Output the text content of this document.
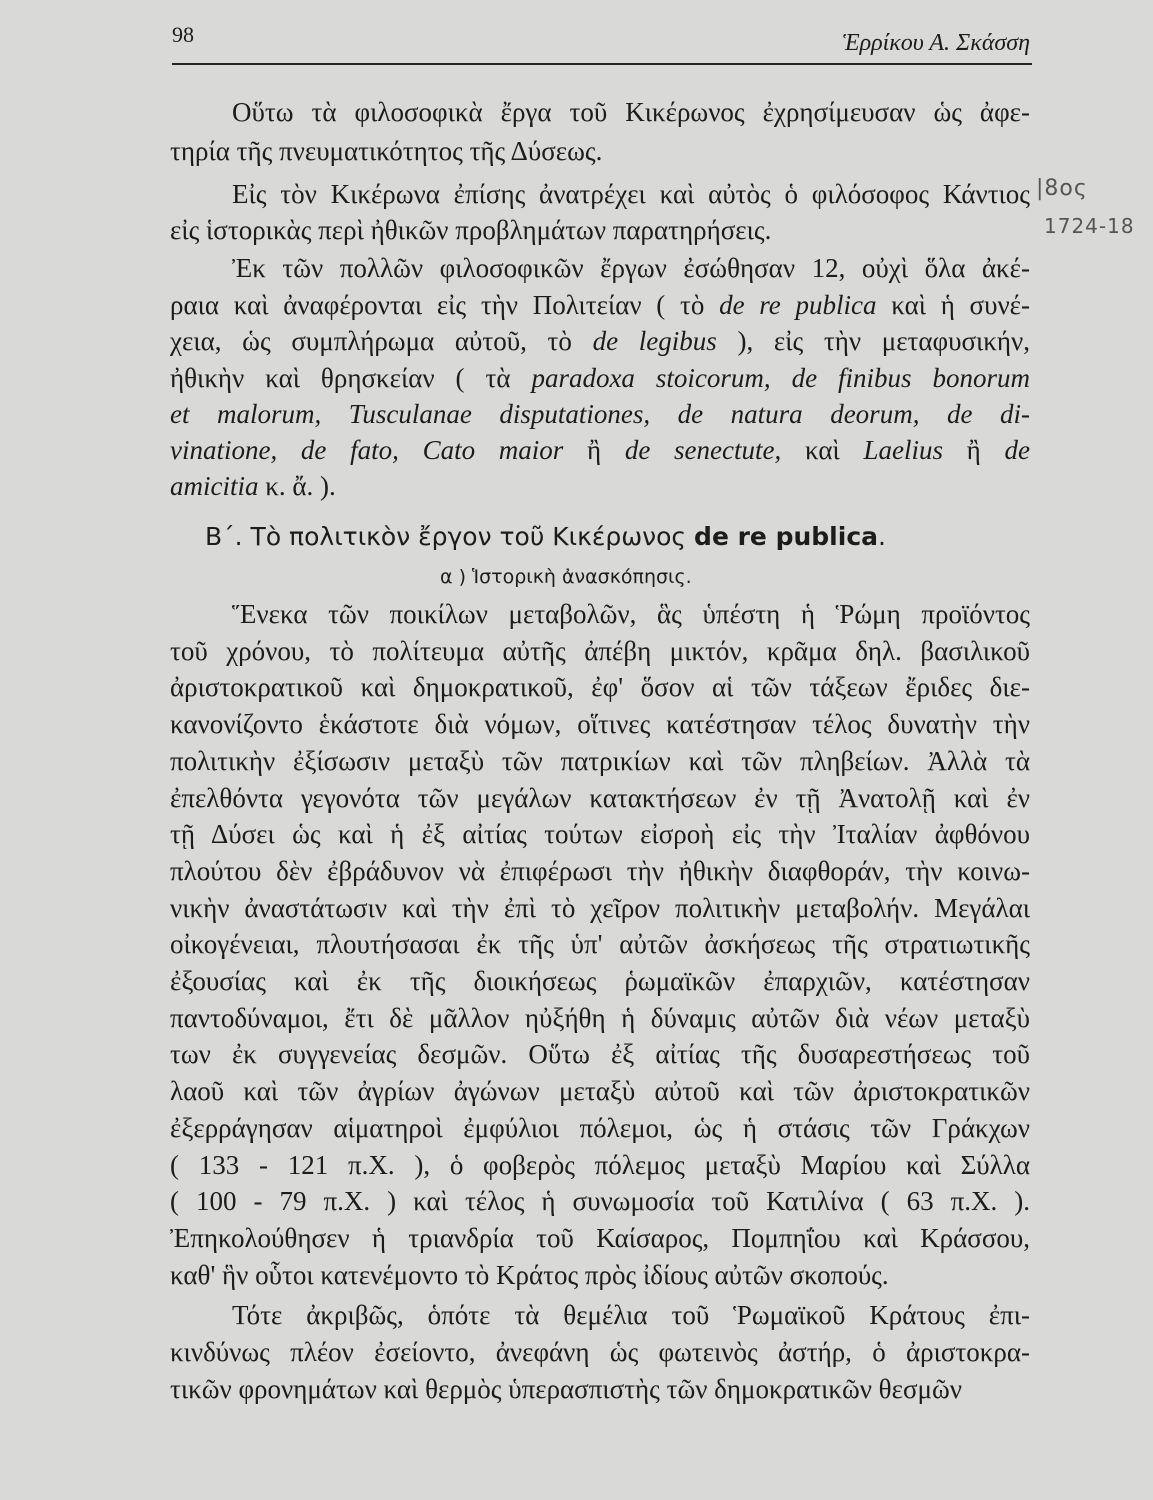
98	Ἑρρίκου Α. Σκάσση
Οὕτω τὰ φιλοσοφικὰ ἔργα τοῦ Κικέρωνος ἐχρησίμευσαν ὡς ἀφε-
τηρία τῆς πνευματικότητος τῆς Δύσεως.
Εἰς τὸν Κικέρωνα ἐπίσης ἀνατρέχει καὶ αὐτὸς ὁ φιλόσοφος Κάντιος
εἰς ἱστορικὰς περὶ ἠθικῶν προβλημάτων παρατηρήσεις.
Ἐκ τῶν πολλῶν φιλοσοφικῶν ἔργων ἐσώθησαν 12, οὐχὶ ὅλα ἀκέ-
ραια καὶ ἀναφέρονται εἰς τὴν Πολιτείαν ( τὸ de re publica καὶ ἡ συνέ-
χεια, ὡς συμπλήρωμα αὐτοῦ, τὸ de legibus ), εἰς τὴν μεταφυσικήν,
ἠθικὴν καὶ θρησκείαν ( τὰ paradoxa stoicorum, de finibus bonorum
et malorum, Tusculanae disputationes, de natura deorum, de di-
vinatione, de fato, Cato maior ἢ de senectute, καὶ Laelius ἢ de
amicitia κ. ἄ. ).
|8ος
1724-18
Β΄. Τὸ πολιτικὸν ἔργον τοῦ Κικέρωνος de re publica.
α ) Ἱστορικὴ ἀνασκόπησις.
Ἕνεκα τῶν ποικίλων μεταβολῶν, ἃς ὑπέστη ἡ Ῥώμη προϊόντος
τοῦ χρόνου, τὸ πολίτευμα αὐτῆς ἀπέβη μικτόν, κρᾶμα δηλ. βασιλικοῦ
ἀριστοκρατικοῦ καὶ δημοκρατικοῦ, ἐφ' ὅσον αἱ τῶν τάξεων ἔριδες διε-
κανονίζοντο ἑκάστοτε διὰ νόμων, οἵτινες κατέστησαν τέλος δυνατὴν τὴν
πολιτικὴν ἐξίσωσιν μεταξὺ τῶν πατρικίων καὶ τῶν πληβείων. Ἀλλὰ τὰ
ἐπελθόντα γεγονότα τῶν μεγάλων κατακτήσεων ἐν τῇ Ἀνατολῇ καὶ ἐν
τῇ Δύσει ὡς καὶ ἡ ἐξ αἰτίας τούτων εἰσροὴ εἰς τὴν Ἰταλίαν ἀφθόνου
πλούτου δὲν ἐβράδυνον νὰ ἐπιφέρωσι τὴν ἠθικὴν διαφθοράν, τὴν κοινω-
νικὴν ἀναστάτωσιν καὶ τὴν ἐπὶ τὸ χεῖρον πολιτικὴν μεταβολήν. Μεγάλαι
οἰκογένειαι, πλουτήσασαι ἐκ τῆς ὑπ' αὐτῶν ἀσκήσεως τῆς στρατιωτικῆς
ἐξουσίας καὶ ἐκ τῆς διοικήσεως ῥωμαϊκῶν ἐπαρχιῶν, κατέστησαν
παντοδύναμοι, ἔτι δὲ μᾶλλον ηὐξήθη ἡ δύναμις αὐτῶν διὰ νέων μεταξὺ
των ἐκ συγγενείας δεσμῶν. Οὕτω ἐξ αἰτίας τῆς δυσαρεστήσεως τοῦ
λαοῦ καὶ τῶν ἀγρίων ἀγώνων μεταξὺ αὐτοῦ καὶ τῶν ἀριστοκρατικῶν
ἐξερράγησαν αἱματηροὶ ἐμφύλιοι πόλεμοι, ὡς ἡ στάσις τῶν Γράκχων
( 133 - 121 π.Χ. ), ὁ φοβερὸς πόλεμος μεταξὺ Μαρίου καὶ Σύλλα
( 100 - 79 π.Χ. ) καὶ τέλος ἡ συνωμοσία τοῦ Κατιλίνα ( 63 π.Χ. ).
Ἐπηκολούθησεν ἡ τριανδρία τοῦ Καίσαρος, Πομπηΐου καὶ Κράσσου,
καθ' ἣν οὗτοι κατενέμοντο τὸ Κράτος πρὸς ἰδίους αὐτῶν σκοπούς.
Τότε ἀκριβῶς, ὁπότε τὰ θεμέλια τοῦ Ῥωμαϊκοῦ Κράτους ἐπι-
κινδύνως πλέον ἐσείοντο, ἀνεφάνη ὡς φωτεινὸς ἀστήρ, ὁ ἀριστοκρα-
τικῶν φρονημάτων καὶ θερμὸς ὑπερασπιστὴς τῶν δημοκρατικῶν θεσμῶν
